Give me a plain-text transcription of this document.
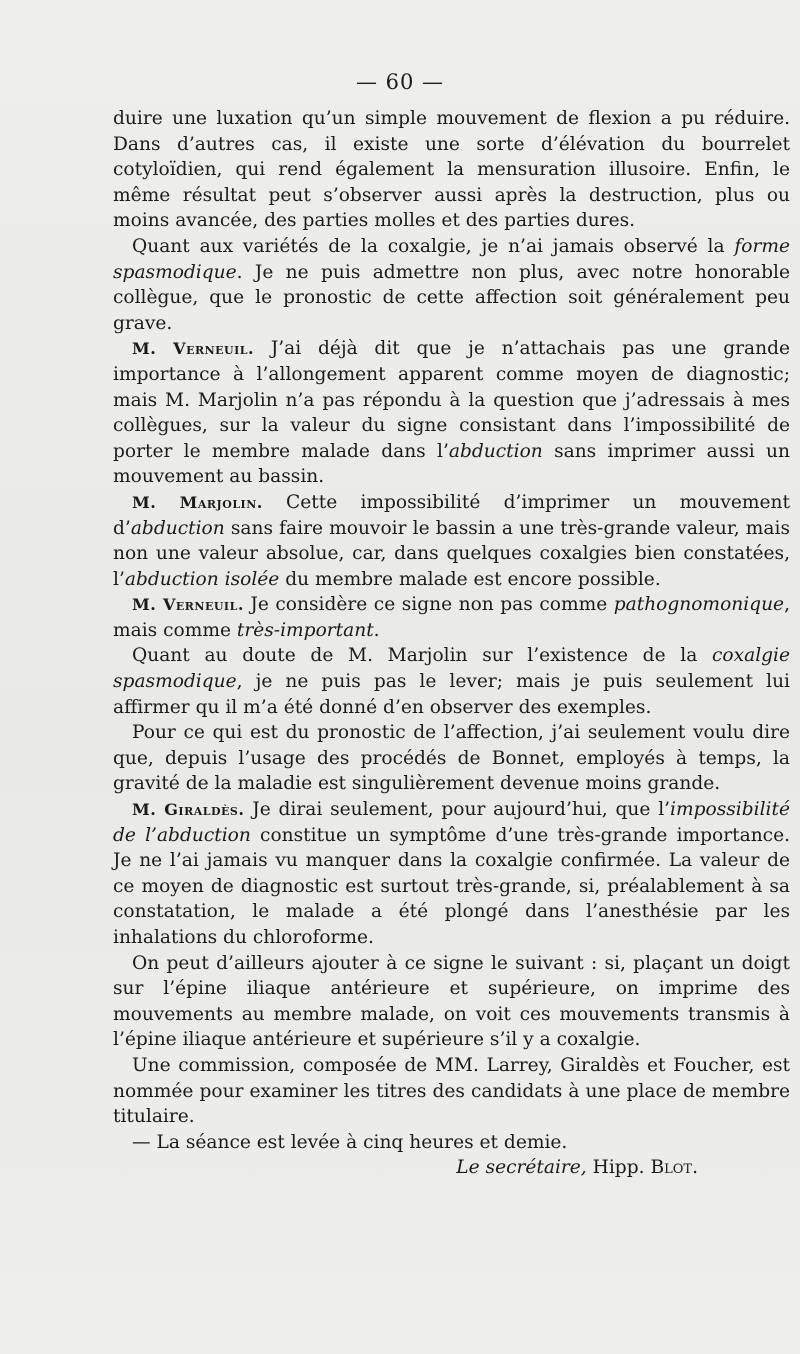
— 60 —

duire une luxation qu’un simple mouvement de flexion a pu réduire. Dans d’autres cas, il existe une sorte d’élévation du bourrelet cotyloïdien, qui rend également la mensuration illusoire. Enfin, le même résultat peut s’observer aussi après la destruction, plus ou moins avancée, des parties molles et des parties dures.

Quant aux variétés de la coxalgie, je n’ai jamais observé la forme spasmodique. Je ne puis admettre non plus, avec notre honorable collègue, que le pronostic de cette affection soit généralement peu grave.

M. Verneuil. J’ai déjà dit que je n’attachais pas une grande importance à l’allongement apparent comme moyen de diagnostic; mais M. Marjolin n’a pas répondu à la question que j’adressais à mes collègues, sur la valeur du signe consistant dans l’impossibilité de porter le membre malade dans l’abduction sans imprimer aussi un mouvement au bassin.

M. Marjolin. Cette impossibilité d’imprimer un mouvement d’abduction sans faire mouvoir le bassin a une très-grande valeur, mais non une valeur absolue, car, dans quelques coxalgies bien constatées, l’abduction isolée du membre malade est encore possible.

M. Verneuil. Je considère ce signe non pas comme pathognomonique, mais comme très-important.

Quant au doute de M. Marjolin sur l’existence de la coxalgie spasmodique, je ne puis pas le lever; mais je puis seulement lui affirmer qu il m’a été donné d’en observer des exemples.

Pour ce qui est du pronostic de l’affection, j’ai seulement voulu dire que, depuis l’usage des procédés de Bonnet, employés à temps, la gravité de la maladie est singulièrement devenue moins grande.

M. Giraldès. Je dirai seulement, pour aujourd’hui, que l’impossibilité de l’abduction constitue un symptôme d’une très-grande importance. Je ne l’ai jamais vu manquer dans la coxalgie confirmée. La valeur de ce moyen de diagnostic est surtout très-grande, si, préalablement à sa constatation, le malade a été plongé dans l’anesthésie par les inhalations du chloroforme.

On peut d’ailleurs ajouter à ce signe le suivant : si, plaçant un doigt sur l’épine iliaque antérieure et supérieure, on imprime des mouvements au membre malade, on voit ces mouvements transmis à l’épine iliaque antérieure et supérieure s’il y a coxalgie.

Une commission, composée de MM. Larrey, Giraldès et Foucher, est nommée pour examiner les titres des candidats à une place de membre titulaire.

— La séance est levée à cinq heures et demie.

Le secrétaire, Hipp. Blot.
